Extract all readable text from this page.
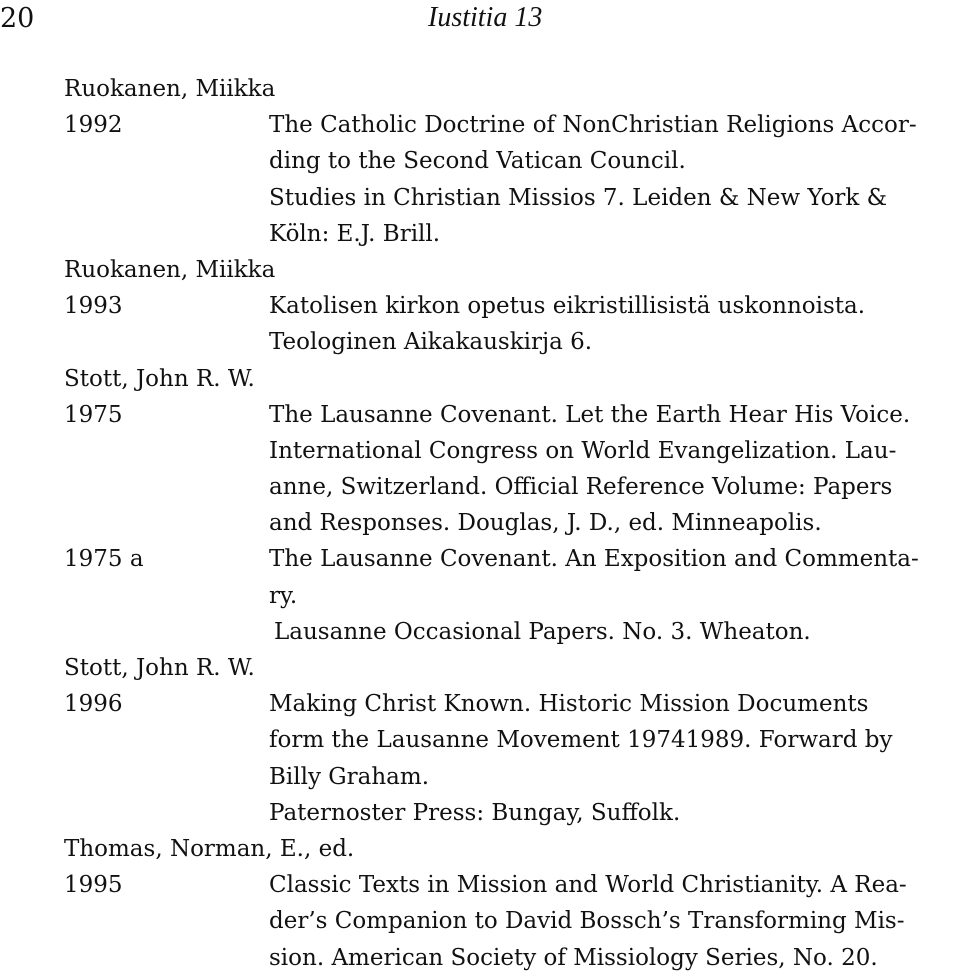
20	Iustitia 13
Ruokanen, Miikka
1992	The Catholic Doctrine of NonChristian Religions Accor-
ding to the Second Vatican Council.
Studies in Christian Missios 7. Leiden & New York &
Köln: E.J. Brill.
Ruokanen, Miikka
1993	Katolisen kirkon opetus eikristillisistä uskonnoista.
Teologinen Aikakauskirja 6.
Stott, John R. W.
1975	The Lausanne Covenant. Let the Earth Hear His Voice.
International Congress on World Evangelization. Lau-
anne, Switzerland. Official Reference Volume: Papers
and Responses. Douglas, J. D., ed. Minneapolis.
1975 a	The Lausanne Covenant. An Exposition and Commenta-
ry.
Lausanne Occasional Papers. No. 3. Wheaton.
Stott, John R. W.
1996	Making Christ Known. Historic Mission Documents
form the Lausanne Movement 19741989. Forward by
Billy Graham.
Paternoster Press: Bungay, Suffolk.
Thomas, Norman, E., ed.
1995	Classic Texts in Mission and World Christianity. A Rea-
der’s Companion to David Bossch’s Transforming Mis-
sion. American Society of Missiology Series, No. 20.
